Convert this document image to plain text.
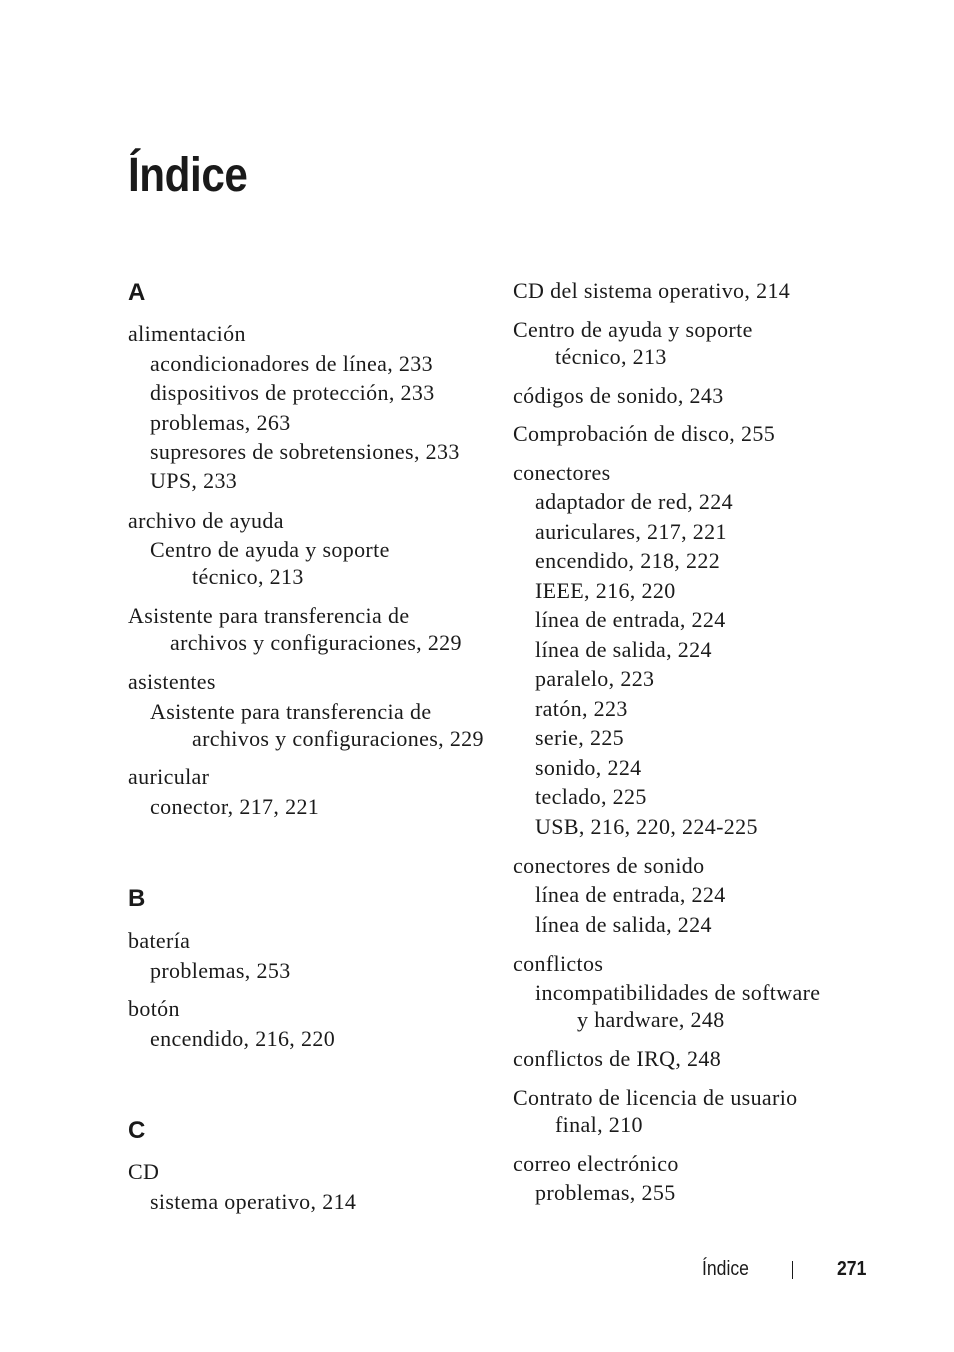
Índice
A
alimentación
acondicionadores de línea, 233
dispositivos de protección, 233
problemas, 263
supresores de sobretensiones, 233
UPS, 233
archivo de ayuda
Centro de ayuda y soporte
técnico, 213
Asistente para transferencia de
archivos y configuraciones, 229
asistentes
Asistente para transferencia de
archivos y configuraciones, 229
auricular
conector, 217, 221
B
batería
problemas, 253
botón
encendido, 216, 220
C
CD
sistema operativo, 214
CD del sistema operativo, 214
Centro de ayuda y soporte
técnico, 213
códigos de sonido, 243
Comprobación de disco, 255
conectores
adaptador de red, 224
auriculares, 217, 221
encendido, 218, 222
IEEE, 216, 220
línea de entrada, 224
línea de salida, 224
paralelo, 223
ratón, 223
serie, 225
sonido, 224
teclado, 225
USB, 216, 220, 224-225
conectores de sonido
línea de entrada, 224
línea de salida, 224
conflictos
incompatibilidades de software
y hardware, 248
conflictos de IRQ, 248
Contrato de licencia de usuario
final, 210
correo electrónico
problemas, 255
Índice	271
